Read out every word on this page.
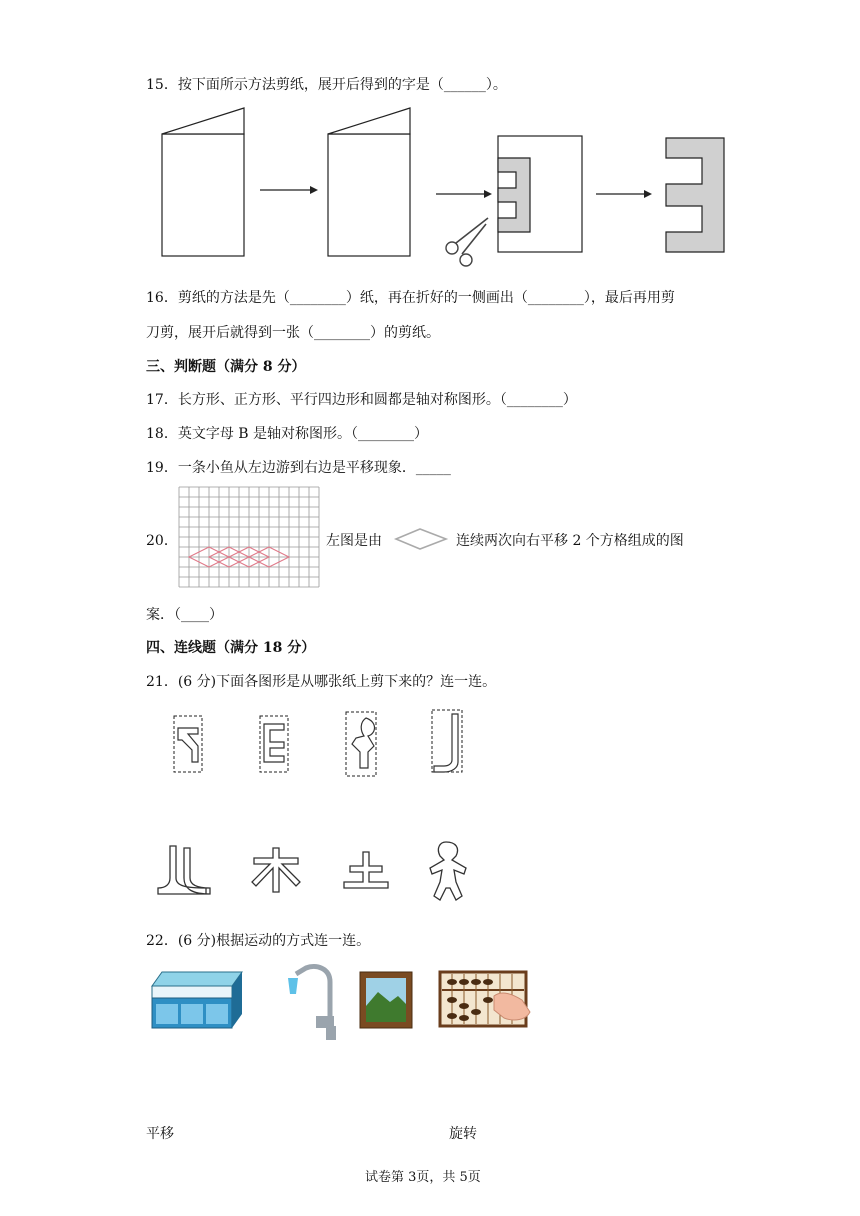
15．按下面所示方法剪纸，展开后得到的字是（______）。
16．剪纸的方法是先（________）纸，再在折好的一侧画出（________），最后再用剪
刀剪，展开后就得到一张（________）的剪纸。
三、判断题（满分 8 分）
17．长方形、正方形、平行四边形和圆都是轴对称图形。（________）
18．英文字母 B 是轴对称图形。（________）
19．一条小鱼从左边游到右边是平移现象．_____
20．	左图是由	连续两次向右平移 2 个方格组成的图
案．（____）
四、连线题（满分 18 分）
21．(6 分)下面各图形是从哪张纸上剪下来的？连一连。
22．(6 分)根据运动的方式连一连。
平移	旋转
试卷第 3页，共 5页
